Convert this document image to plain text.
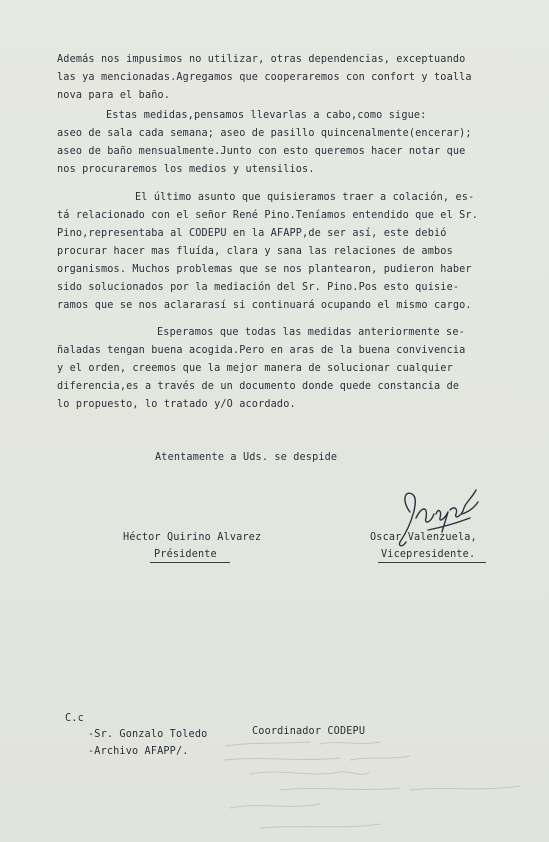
Además nos impusimos no utilizar, otras dependencias, exceptuando

las ya mencionadas.Agregamos que cooperaremos con confort y toalla

nova para el baño.

Estas medidas,pensamos llevarlas a cabo,como sigue:

aseo de sala cada semana; aseo de pasillo quincenalmente(encerar);

aseo de baño mensualmente.Junto con esto queremos hacer notar que

nos procuraremos los medios y utensilios.

El último asunto que quisieramos traer a colación, es-

tá relacionado con el señor René Pino.Teníamos entendido que el Sr.

Pino,representaba al CODEPU en la AFAPP,de ser así, este debió

procurar hacer mas fluída, clara y sana las relaciones de ambos

organismos. Muchos problemas que se nos plantearon, pudieron haber

sido solucionados por la mediación del Sr. Pino.Pos esto quisie-

ramos que se nos aclararasí si continuará ocupando el mismo cargo.

Esperamos que todas las medidas anteriormente se-

ñaladas tengan buena acogida.Pero en aras de la buena convivencia

y el orden, creemos que la mejor manera de solucionar cualquier

diferencia,es a través de un documento donde quede constancia de

lo propuesto, lo tratado y/O acordado.

Atentamente a Uds. se despide

Héctor Quirino Alvarez

Présidente

Oscar Valenzuela,

Vicepresidente.

C.c

-Sr. Gonzalo Toledo	Coordinador CODEPU

-Archivo AFAPP/.
